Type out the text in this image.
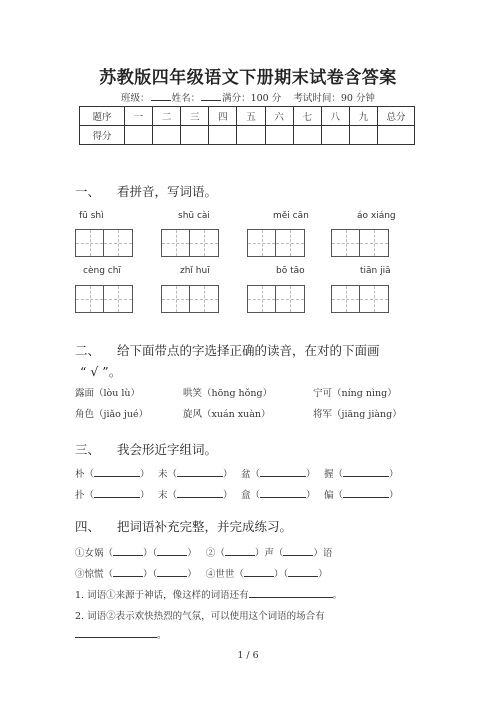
苏教版四年级语文下册期末试卷含答案
班级： 姓名： 满分：100 分 考试时间：90 分钟
题序	一	二	三	四	五	六	七	八	九	总分
得分										
一、 看拼音，写词语。
fū shì	shū cài	měi cān	áo xiáng
cèng chī	zhǐ huī	bō tāo	tiān jiā
二、 给下面带点的字选择正确的读音，在对的下面画
“ √ ”。
露面（lòu lù）	哄笑（hōng hǒng）	宁可（níng nìng）
角色（jiǎo jué）	旋风（xuán xuàn）	将军（jiāng jiàng）
三、 我会形近字组词。
朴（	） 未（	） 盆（	） 握（	）
扑（	） 末（	） 盒（	） 偏（	）
四、 把词语补充完整，并完成练习。
①女娲（	）（	） ②（	）声（	）语
③惊慌（	）（	） ④世世（	）（	）
1. 词语①来源于神话，像这样的词语还有	。
2. 词语②表示欢快热烈的气氛，可以使用这个词语的场合有
。
1 / 6
